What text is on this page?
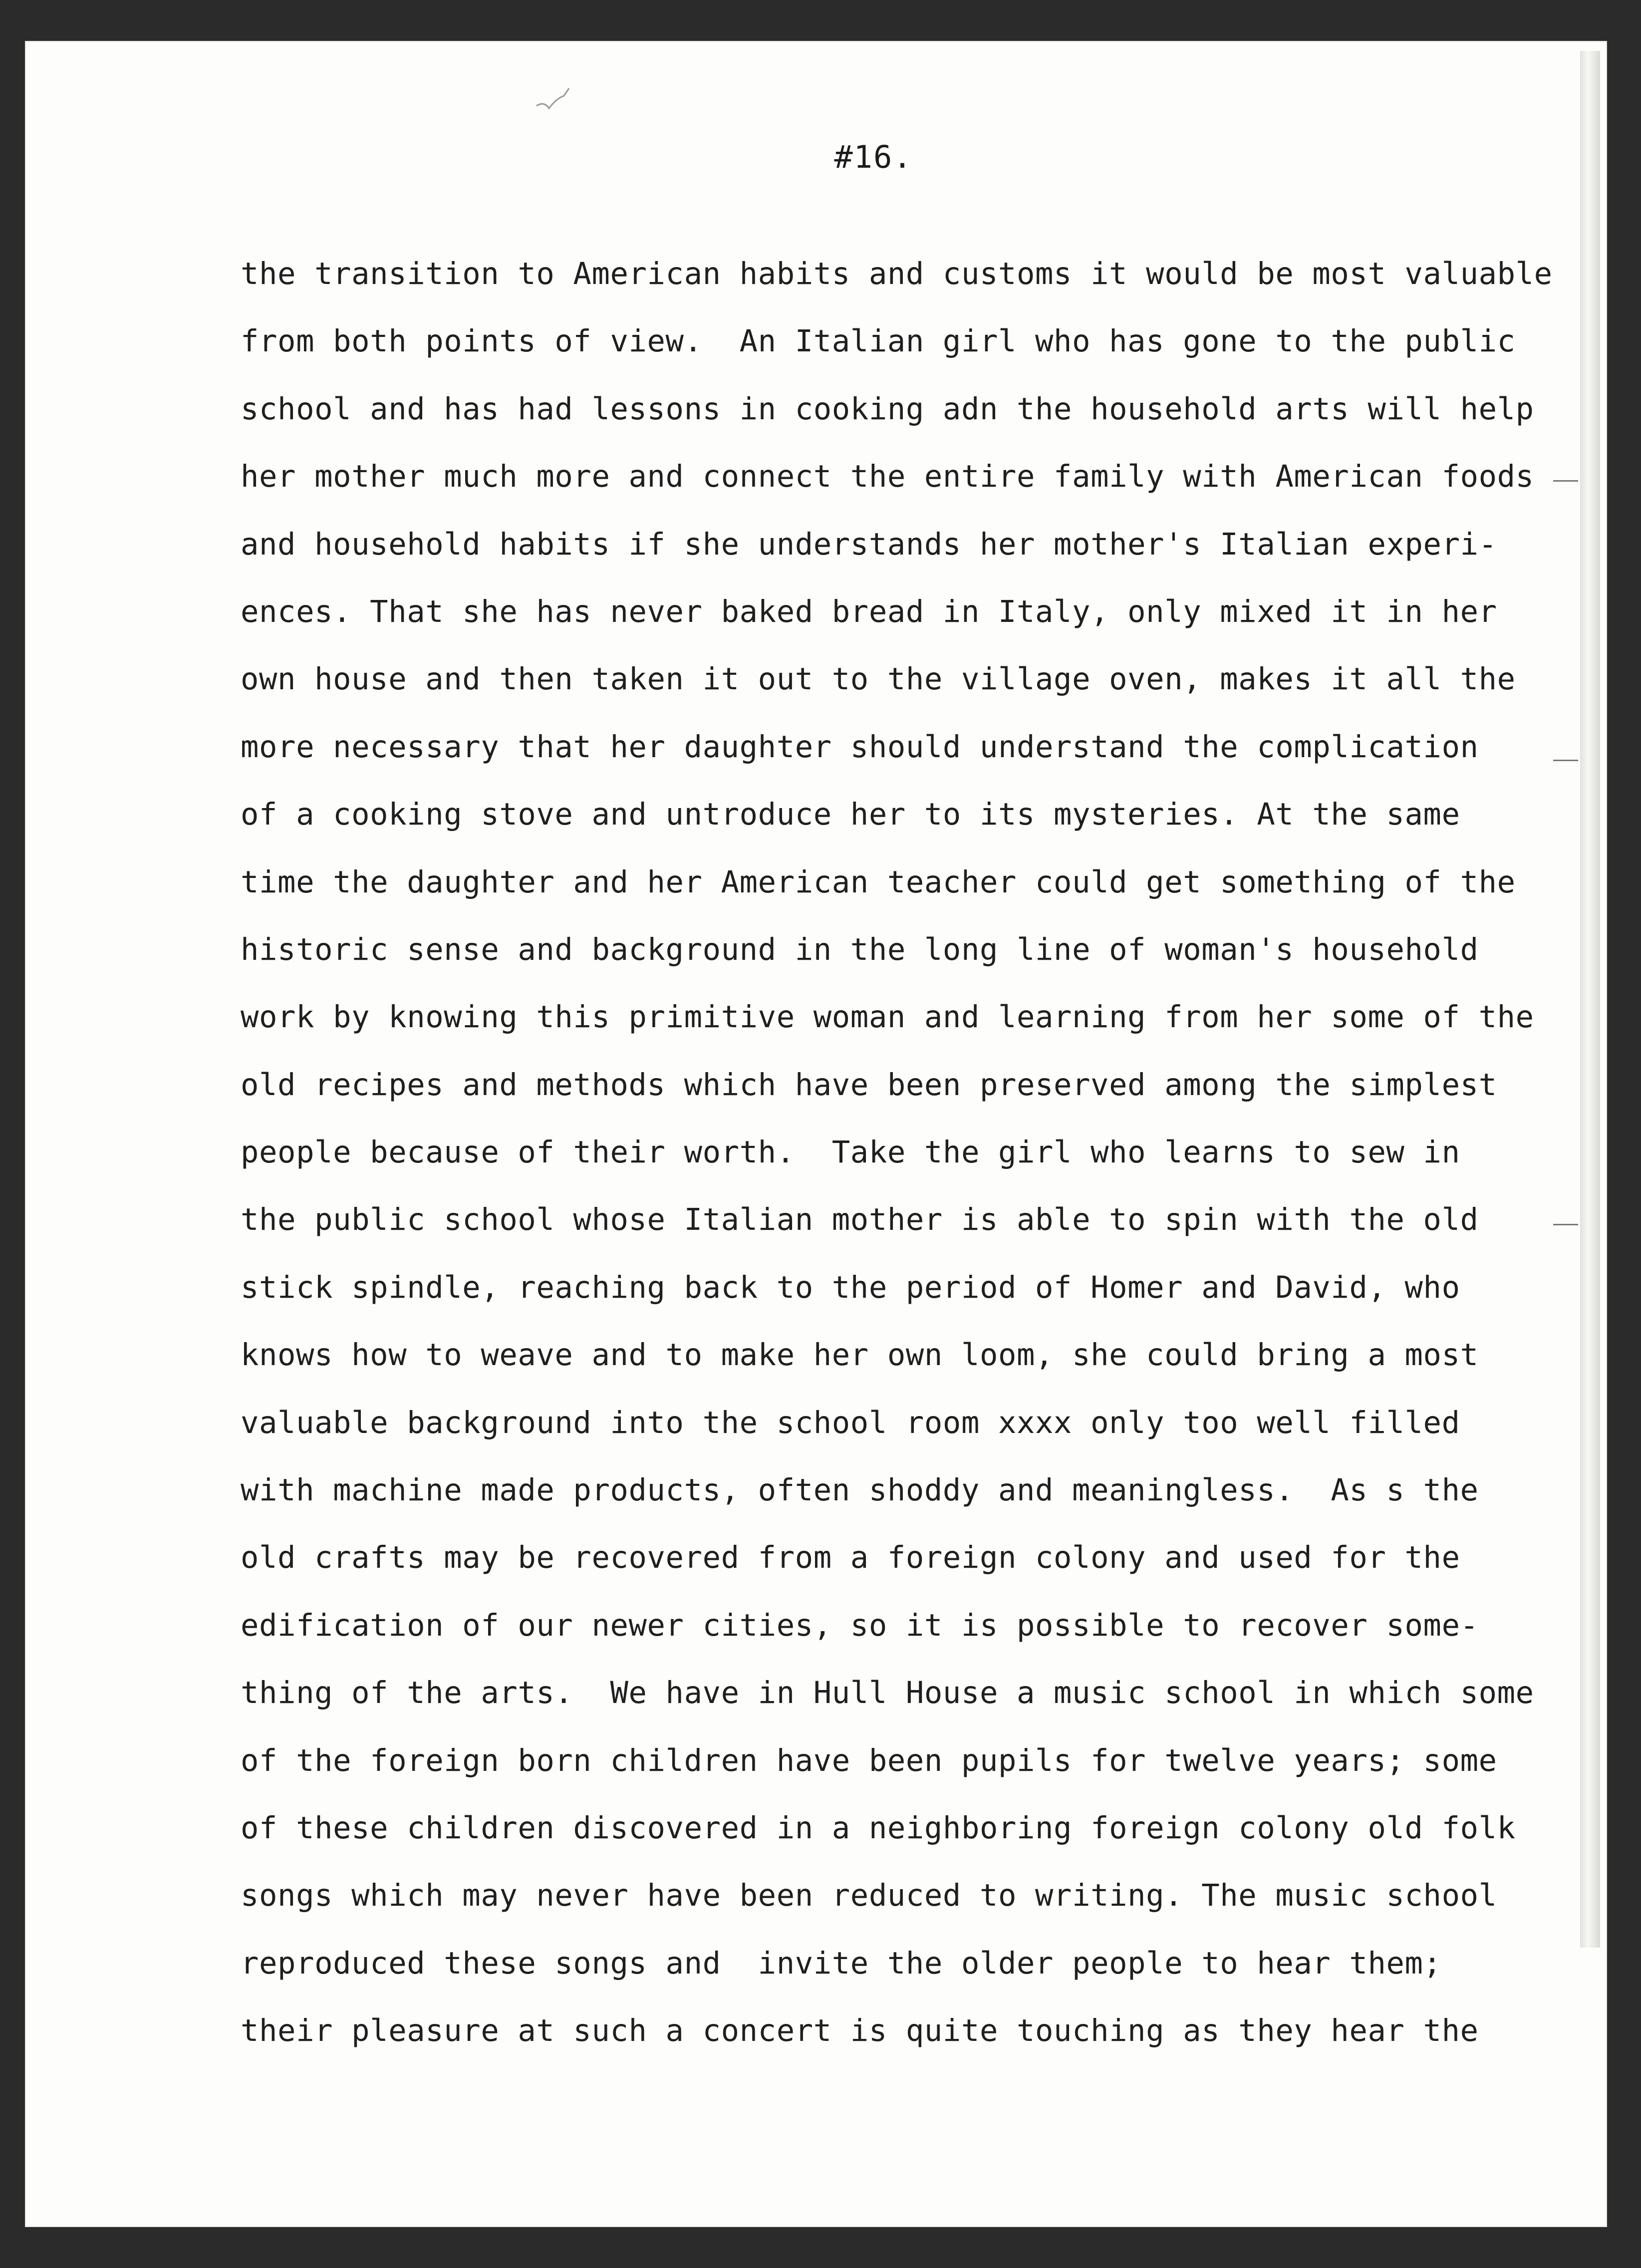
#16.
the transition to American habits and customs it would be most valuable
from both points of view.  An Italian girl who has gone to the public
school and has had lessons in cooking adn the household arts will help
her mother much more and connect the entire family with American foods
and household habits if she understands her mother's Italian experi-
ences. That she has never baked bread in Italy, only mixed it in her
own house and then taken it out to the village oven, makes it all the
more necessary that her daughter should understand the complication
of a cooking stove and untroduce her to its mysteries. At the same
time the daughter and her American teacher could get something of the
historic sense and background in the long line of woman's household
work by knowing this primitive woman and learning from her some of the
old recipes and methods which have been preserved among the simplest
people because of their worth.  Take the girl who learns to sew in
the public school whose Italian mother is able to spin with the old
stick spindle, reaching back to the period of Homer and David, who
knows how to weave and to make her own loom, she could bring a most
valuable background into the school room xxxx only too well filled
with machine made products, often shoddy and meaningless.  As s the
old crafts may be recovered from a foreign colony and used for the
edification of our newer cities, so it is possible to recover some-
thing of the arts.  We have in Hull House a music school in which some
of the foreign born children have been pupils for twelve years; some
of these children discovered in a neighboring foreign colony old folk
songs which may never have been reduced to writing. The music school
reproduced these songs and  invite the older people to hear them;
their pleasure at such a concert is quite touching as they hear the
